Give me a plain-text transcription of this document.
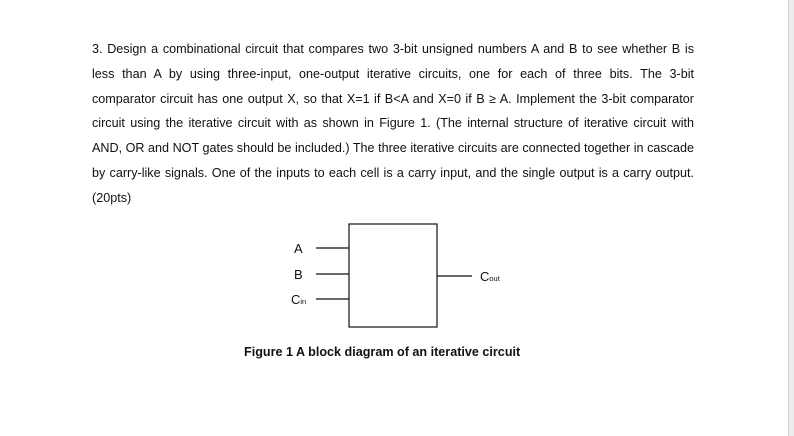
3. Design a combinational circuit that compares two 3-bit unsigned numbers A and B to see whether B is less than A by using three-input, one-output iterative circuits, one for each of three bits. The 3-bit comparator circuit has one output X, so that X=1 if B<A and X=0 if B ≥ A. Implement the 3-bit comparator circuit using the iterative circuit with as shown in Figure 1. (The internal structure of iterative circuit with AND, OR and NOT gates should be included.) The three iterative circuits are connected together in cascade by carry-like signals. One of the inputs to each cell is a carry input, and the single output is a carry output. (20pts)

A
B
Cin
Cout

Figure 1 A block diagram of an iterative circuit
